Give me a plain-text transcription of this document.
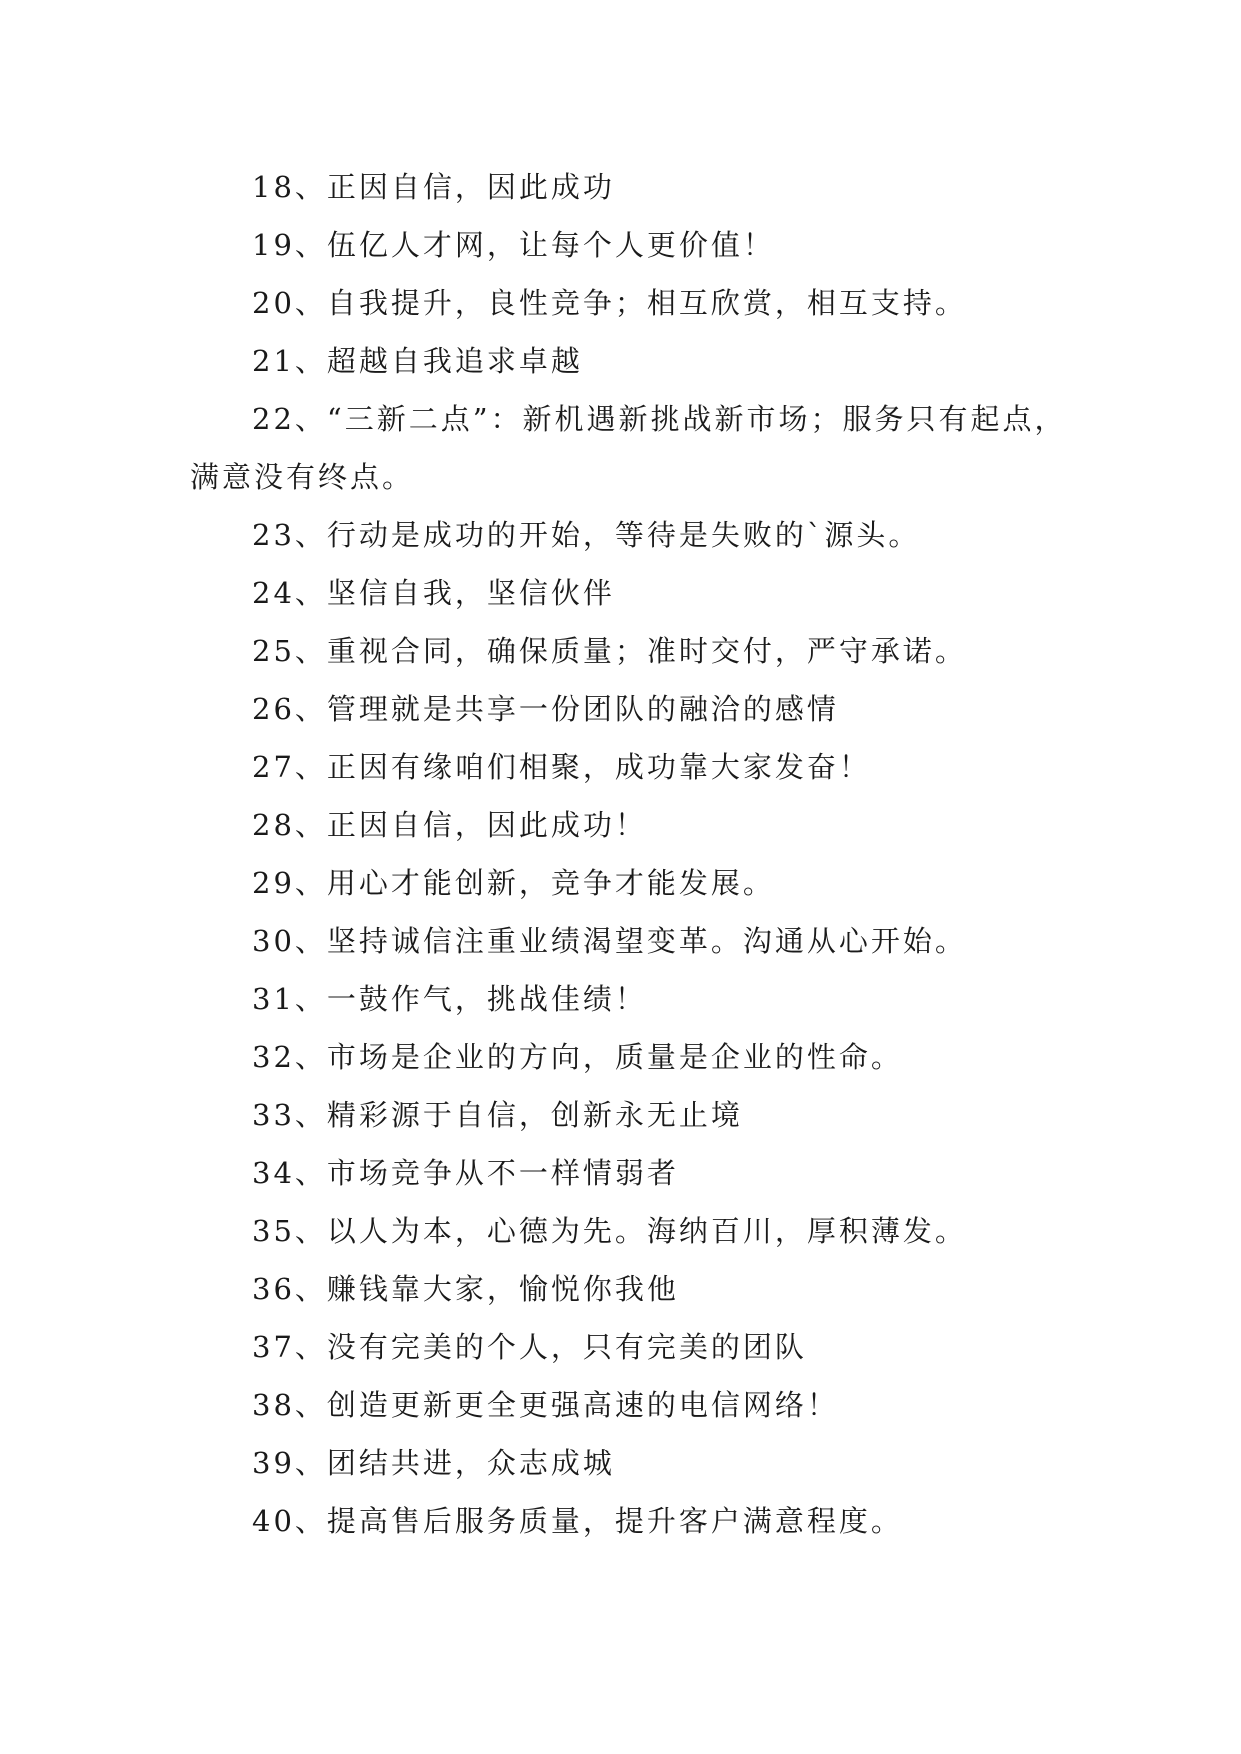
18、正因自信，因此成功

19、伍亿人才网，让每个人更价值！

20、自我提升，良性竞争；相互欣赏，相互支持。

21、超越自我追求卓越

22、“三新二点”：新机遇新挑战新市场；服务只有起点，满意没有终点。

23、行动是成功的开始，等待是失败的`源头。

24、坚信自我，坚信伙伴

25、重视合同，确保质量；准时交付，严守承诺。

26、管理就是共享一份团队的融洽的感情

27、正因有缘咱们相聚，成功靠大家发奋！

28、正因自信，因此成功！

29、用心才能创新，竞争才能发展。

30、坚持诚信注重业绩渴望变革。沟通从心开始。

31、一鼓作气，挑战佳绩！

32、市场是企业的方向，质量是企业的性命。

33、精彩源于自信，创新永无止境

34、市场竞争从不一样情弱者

35、以人为本，心德为先。海纳百川，厚积薄发。

36、赚钱靠大家，愉悦你我他

37、没有完美的个人，只有完美的团队

38、创造更新更全更强高速的电信网络！

39、团结共进，众志成城

40、提高售后服务质量，提升客户满意程度。
